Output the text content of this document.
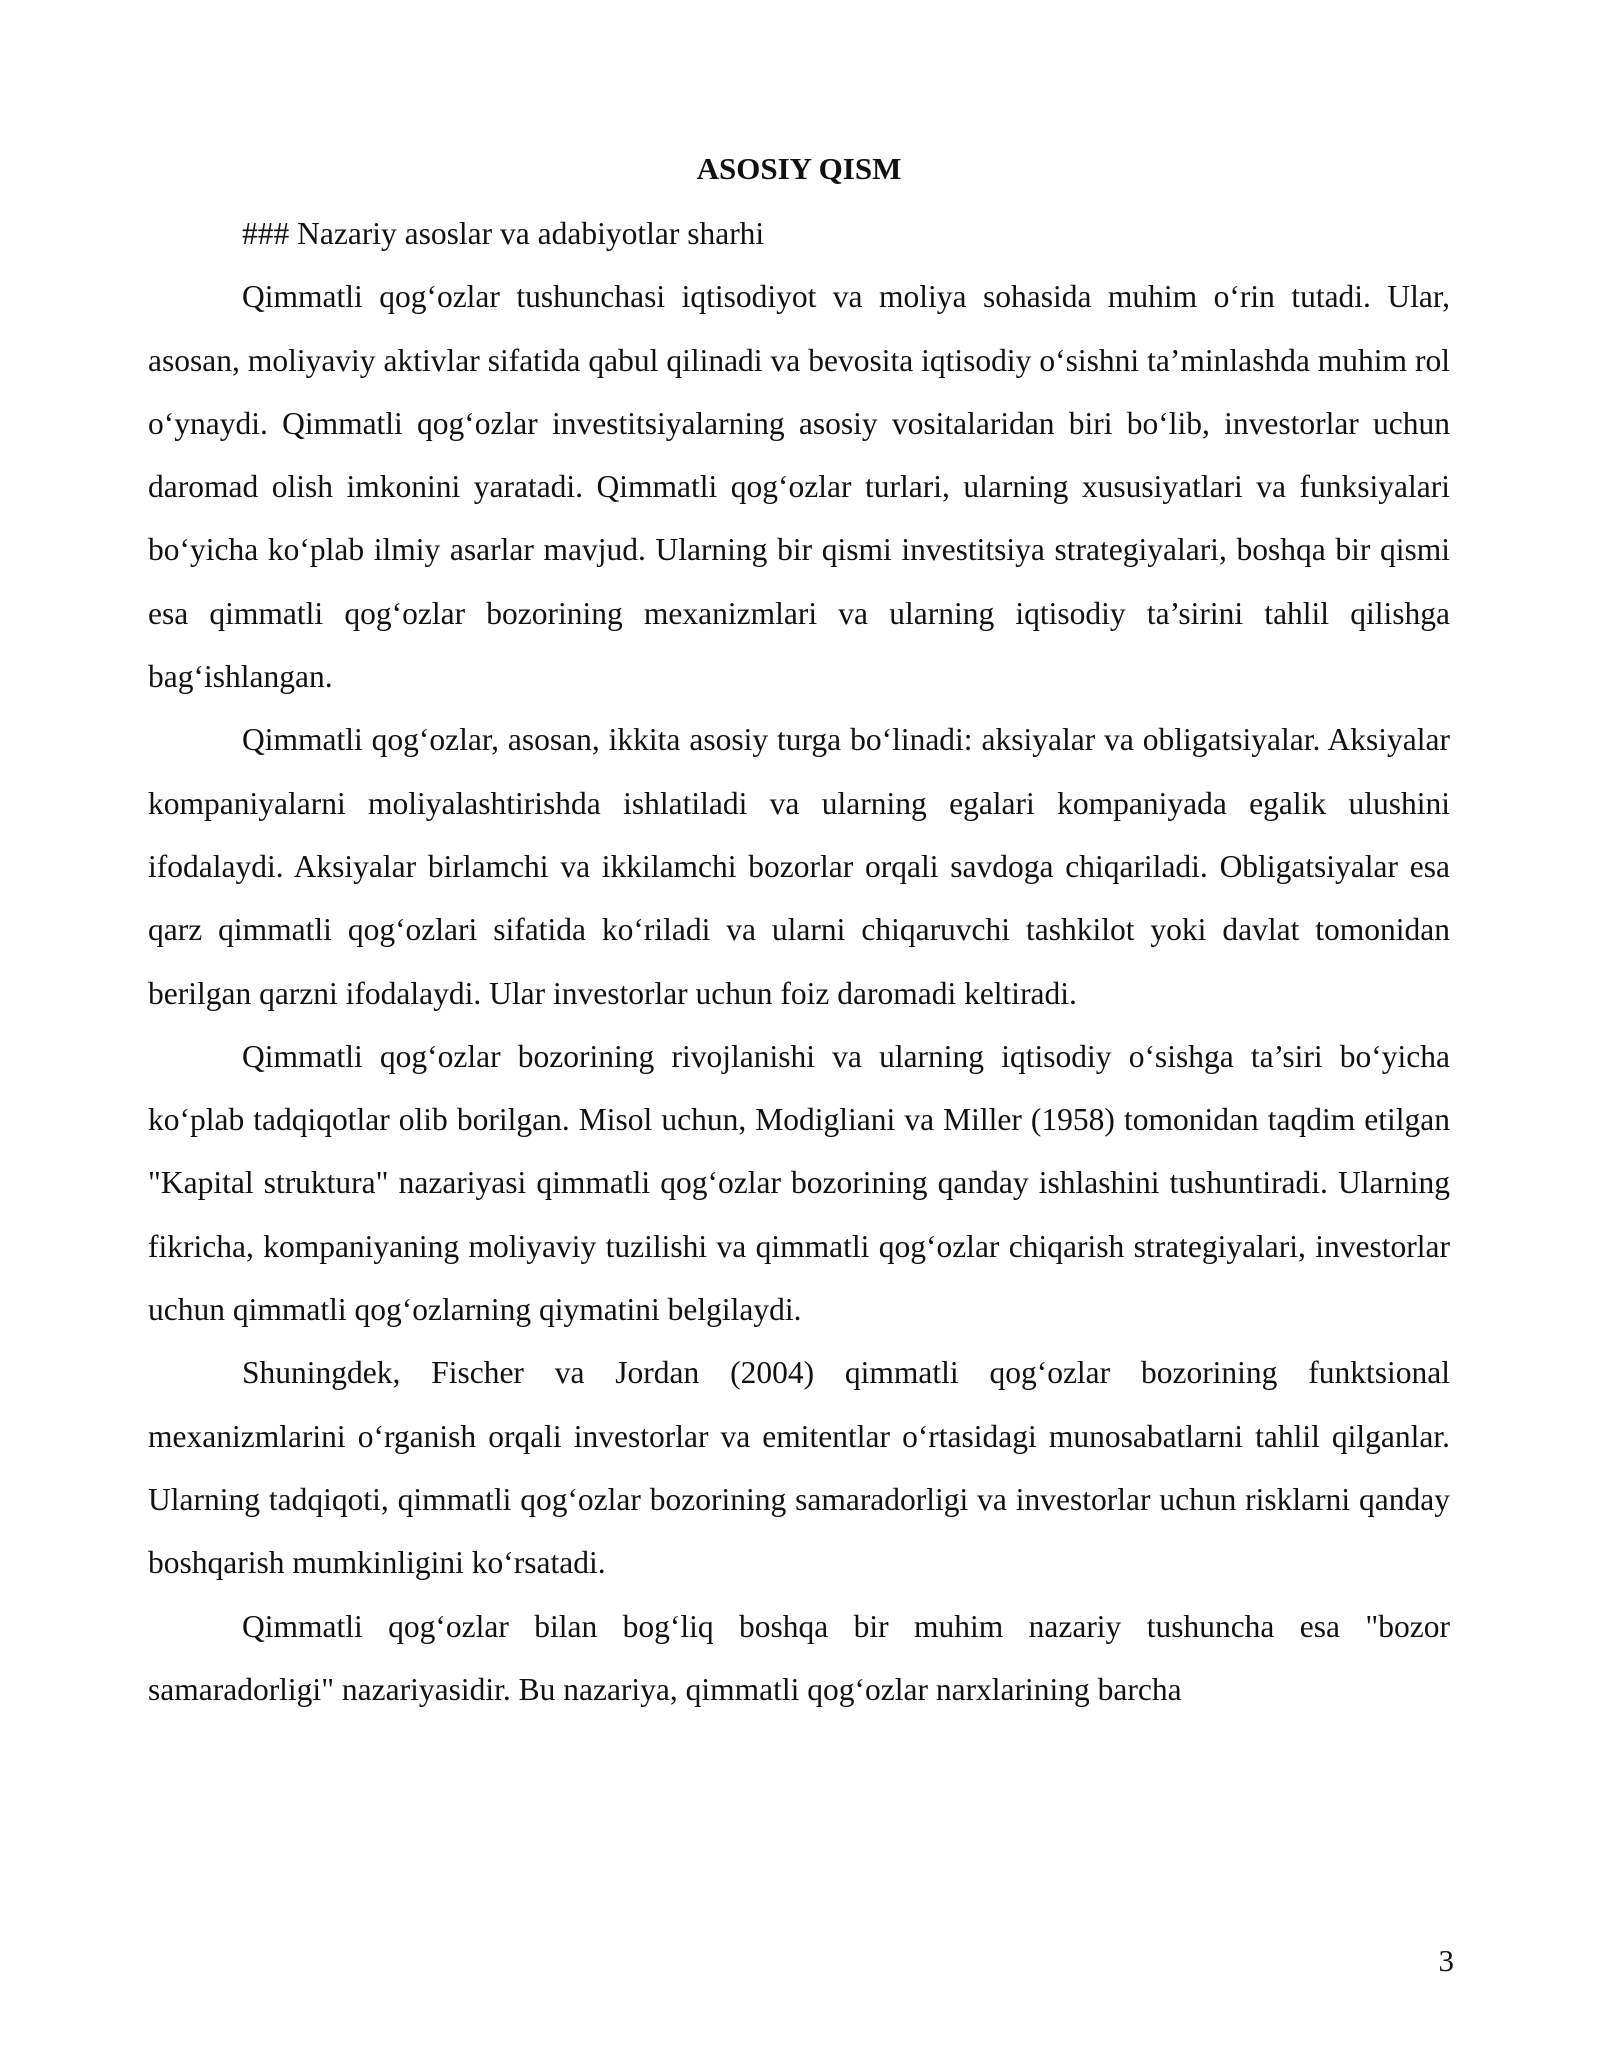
ASOSIY QISM

### Nazariy asoslar va adabiyotlar sharhi

Qimmatli qog‘ozlar tushunchasi iqtisodiyot va moliya sohasida muhim o‘rin tutadi. Ular, asosan, moliyaviy aktivlar sifatida qabul qilinadi va bevosita iqtisodiy o‘sishni ta’minlashda muhim rol o‘ynaydi. Qimmatli qog‘ozlar investitsiyalarning asosiy vositalaridan biri bo‘lib, investorlar uchun daromad olish imkonini yaratadi. Qimmatli qog‘ozlar turlari, ularning xususiyatlari va funksiyalari bo‘yicha ko‘plab ilmiy asarlar mavjud. Ularning bir qismi investitsiya strategiyalari, boshqa bir qismi esa qimmatli qog‘ozlar bozorining mexanizmlari va ularning iqtisodiy ta’sirini tahlil qilishga bag‘ishlangan.

Qimmatli qog‘ozlar, asosan, ikkita asosiy turga bo‘linadi: aksiyalar va obligatsiyalar. Aksiyalar kompaniyalarni moliyalashtirishda ishlatiladi va ularning egalari kompaniyada egalik ulushini ifodalaydi. Aksiyalar birlamchi va ikkilamchi bozorlar orqali savdoga chiqariladi. Obligatsiyalar esa qarz qimmatli qog‘ozlari sifatida ko‘riladi va ularni chiqaruvchi tashkilot yoki davlat tomonidan berilgan qarzni ifodalaydi. Ular investorlar uchun foiz daromadi keltiradi.

Qimmatli qog‘ozlar bozorining rivojlanishi va ularning iqtisodiy o‘sishga ta’siri bo‘yicha ko‘plab tadqiqotlar olib borilgan. Misol uchun, Modigliani va Miller (1958) tomonidan taqdim etilgan "Kapital struktura" nazariyasi qimmatli qog‘ozlar bozorining qanday ishlashini tushuntiradi. Ularning fikricha, kompaniyaning moliyaviy tuzilishi va qimmatli qog‘ozlar chiqarish strategiyalari, investorlar uchun qimmatli qog‘ozlarning qiymatini belgilaydi.

Shuningdek, Fischer va Jordan (2004) qimmatli qog‘ozlar bozorining funktsional mexanizmlarini o‘rganish orqali investorlar va emitentlar o‘rtasidagi munosabatlarni tahlil qilganlar. Ularning tadqiqoti, qimmatli qog‘ozlar bozorining samaradorligi va investorlar uchun risklarni qanday boshqarish mumkinligini ko‘rsatadi.

Qimmatli qog‘ozlar bilan bog‘liq boshqa bir muhim nazariy tushuncha esa "bozor samaradorligi" nazariyasidir. Bu nazariya, qimmatli qog‘ozlar narxlarining barcha

3
